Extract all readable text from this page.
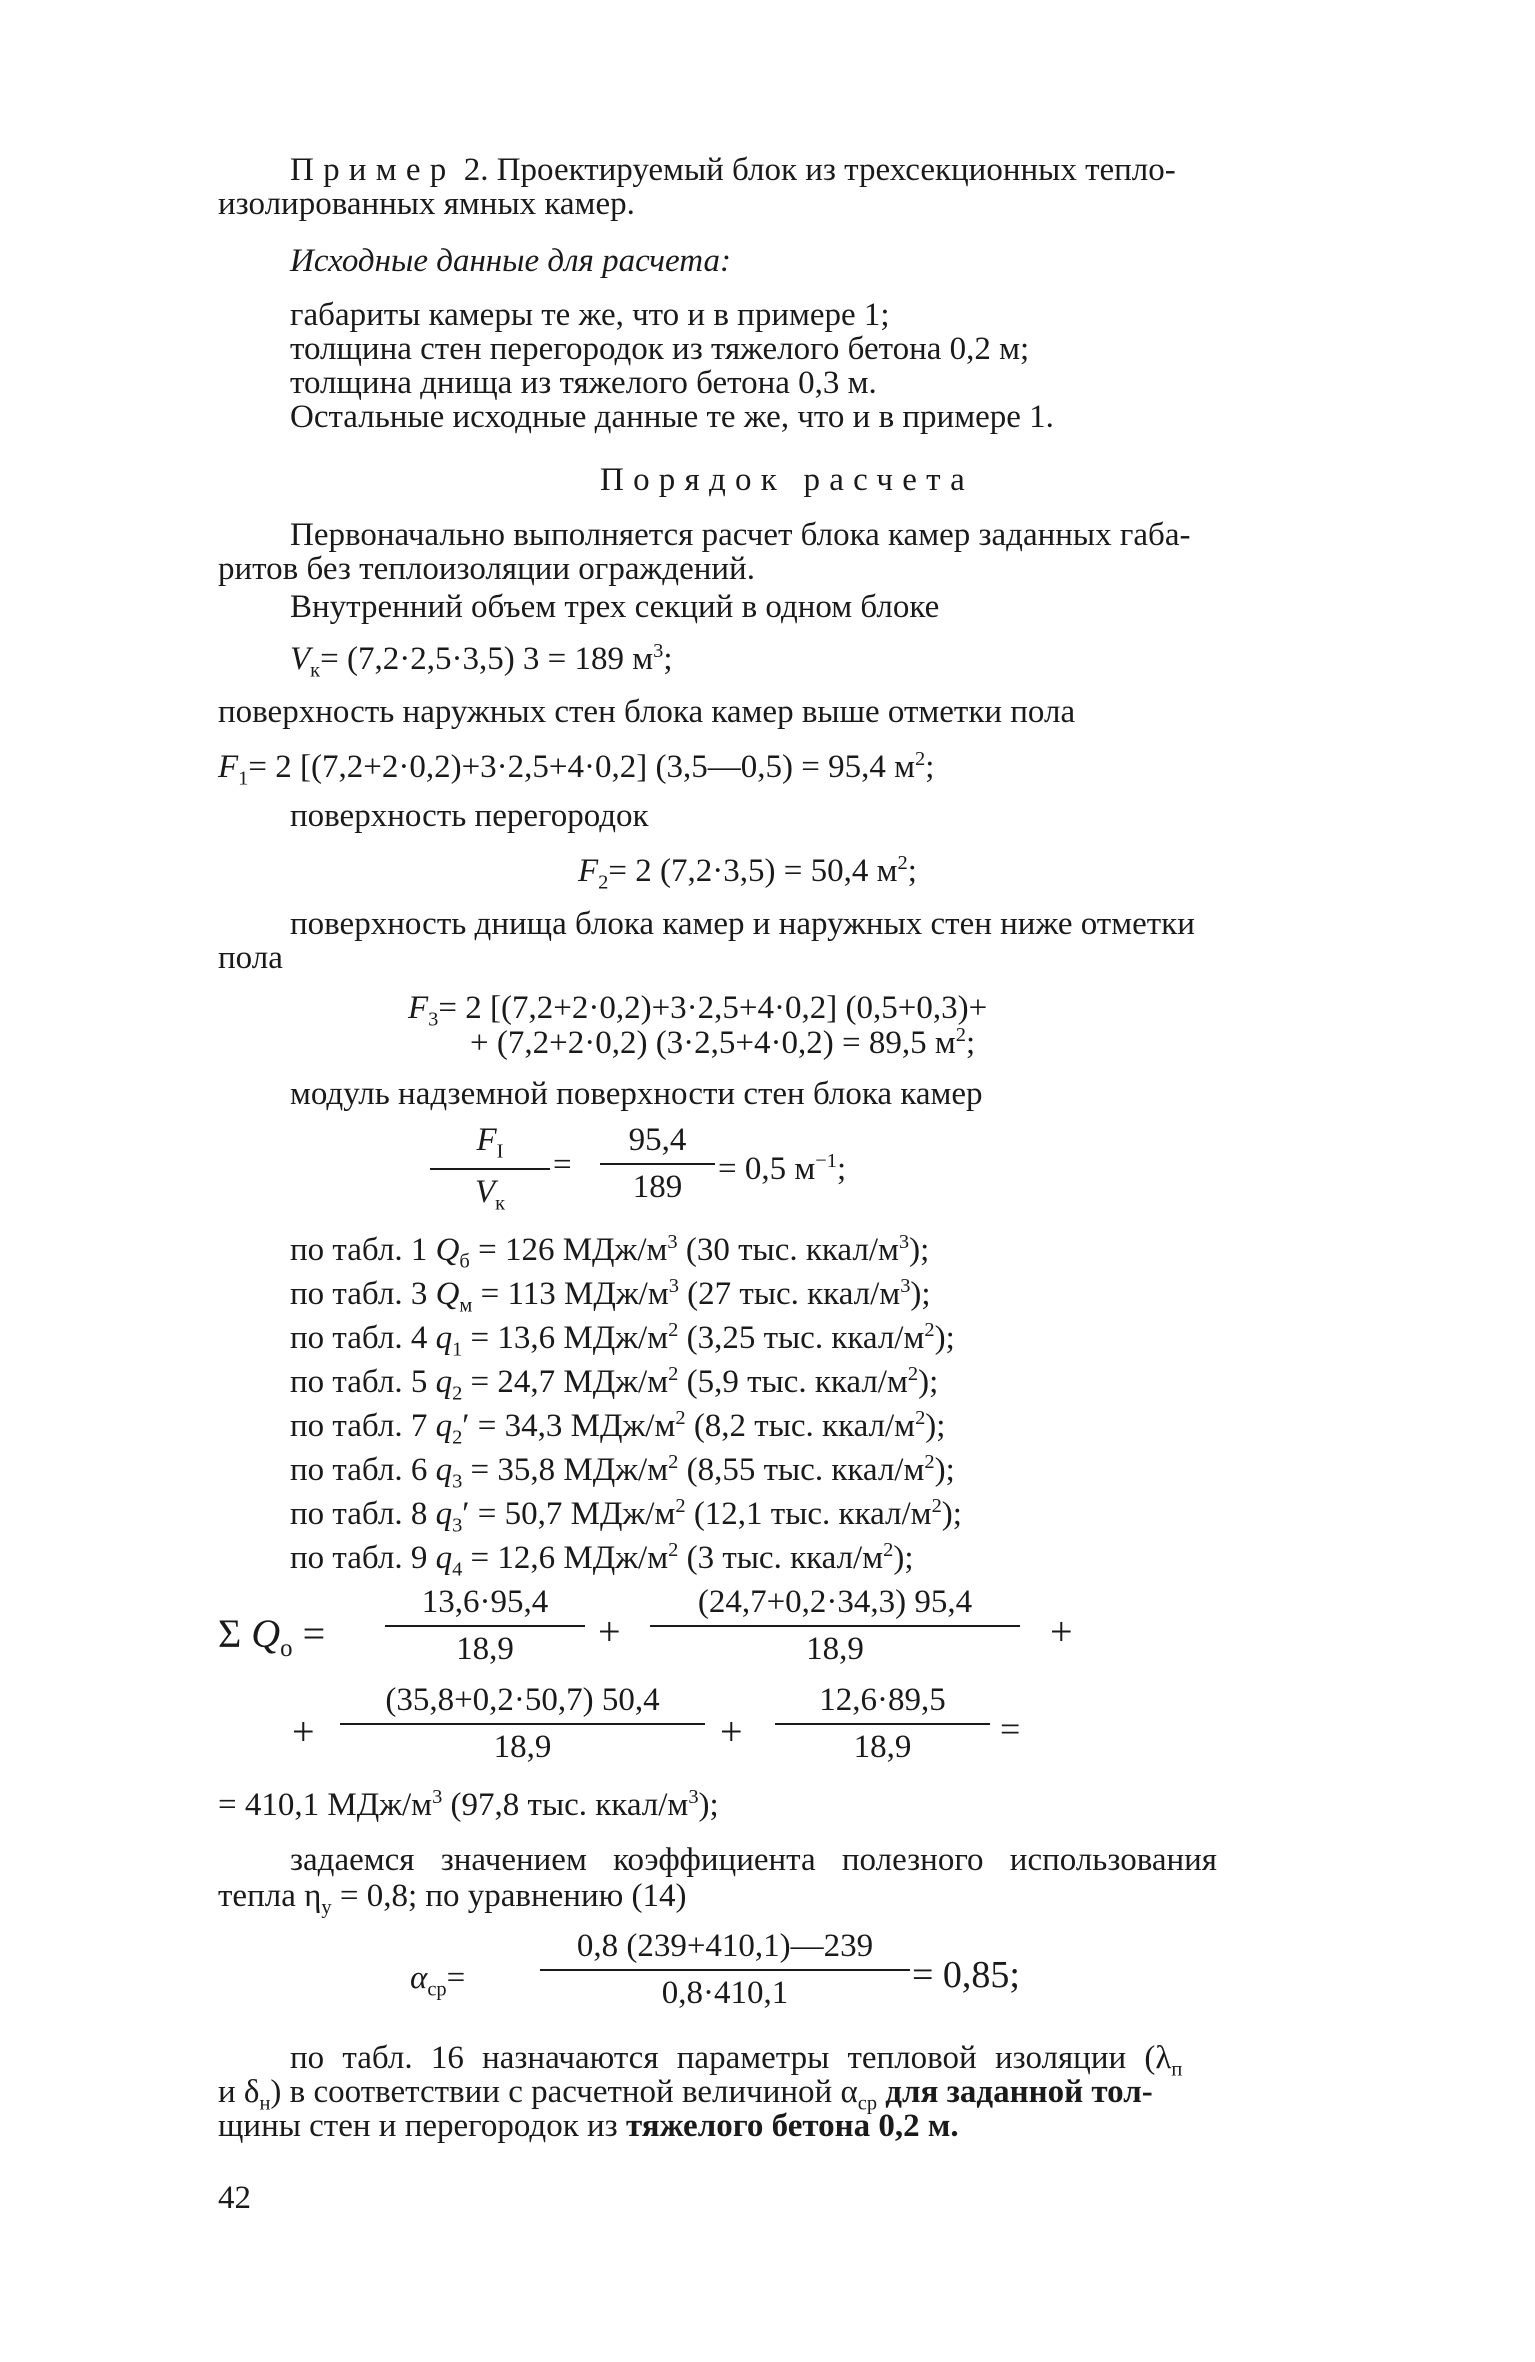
Пример 2. Проектируемый блок из трехсекционных тепло-
изолированных ямных камер.
Исходные данные для расчета:
габариты камеры те же, что и в примере 1;
толщина стен перегородок из тяжелого бетона 0,2 м;
толщина днища из тяжелого бетона 0,3 м.
Остальные исходные данные те же, что и в примере 1.
Порядок расчета
Первоначально выполняется расчет блока камер заданных габа-
ритов без теплоизоляции ограждений.
Внутренний объем трех секций в одном блоке
$V_к= (7,2\cdot 2,5\cdot 3,5) 3 = 189$ $м^3$;
поверхность наружных стен блока камер выше отметки пола
$F_1= 2$ [(7,2+2·0,2)+3·2,5+4·0,2] (3,5—0,5) = 95,4 $м^2$;
поверхность перегородок
$F_2= 2$ (7,2·3,5) = 50,4 $м^2$;
поверхность днища блока камер и наружных стен ниже отметки
пола
$F_3= 2$ [(7,2+2·0,2)+3·2,5+4·0,2] (0,5+0,3)+
+ (7,2+2·0,2) (3·2,5+4·0,2) = 89,5 $м^2$;
модуль надземной поверхности стен блока камер
$F_I$
$V_к$
= $\frac{95,4}{189} = 0,5$ $м^{-1}$;
по табл. 1 $Q_б = 126$ МДж/$м^3$ (30 тыс. ккал/$м^3$);
по табл. 3 $Q_м = 113$ МДж/$м^3$ (27 тыс. ккал/$м^3$);
по табл. 4 $q_1 = 13,6$ МДж/$м^2$ (3,25 тыс. ккал/$м^2$);
по табл. 5 $q_2 = 24,7$ МДж/$м^2$ (5,9 тыс. ккал/$м^2$);
по табл. 7 $q_2' = 34,3$ МДж/$м^2$ (8,2 тыс. ккал/$м^2$);
по табл. 6 $q_3 = 35,8$ МДж/$м^2$ (8,55 тыс. ккал/$м^2$);
по табл. 8 $q_3' = 50,7$ МДж/$м^2$ (12,1 тыс. ккал/$м^2$);
по табл. 9 $q_4 = 12,6$ МДж/$м^2$ (3 тыс. ккал/$м^2$);
Σ $Q_o = \frac{13,6\cdot 95,4}{18,9} + \frac{(24,7+0,2\cdot 34,3) 95,4}{18,9}$ +
+ $\frac{(35,8+0,2\cdot 50,7) 50,4}{18,9} + \frac{12,6\cdot 89,5}{18,9}$ =
= 410,1 МДж/$м^3$ (97,8 тыс. ккал/$м^3$);
задаемся значением коэффициента полезного использования
тепла $\eta_у = 0,8$; по уравнению (14)
$\alpha_{ср}= \frac{0,8 (239+410,1)—239}{0,8\cdot 410,1} = 0,85$;
по табл. 16 назначаются параметры тепловой изоляции ($\lambda_п$
и $\delta_н$) в соответствии с расчетной величиной $\alpha_{ср}$ для заданной тол-
щины стен и перегородок из тяжелого бетона 0,2 м.
42
